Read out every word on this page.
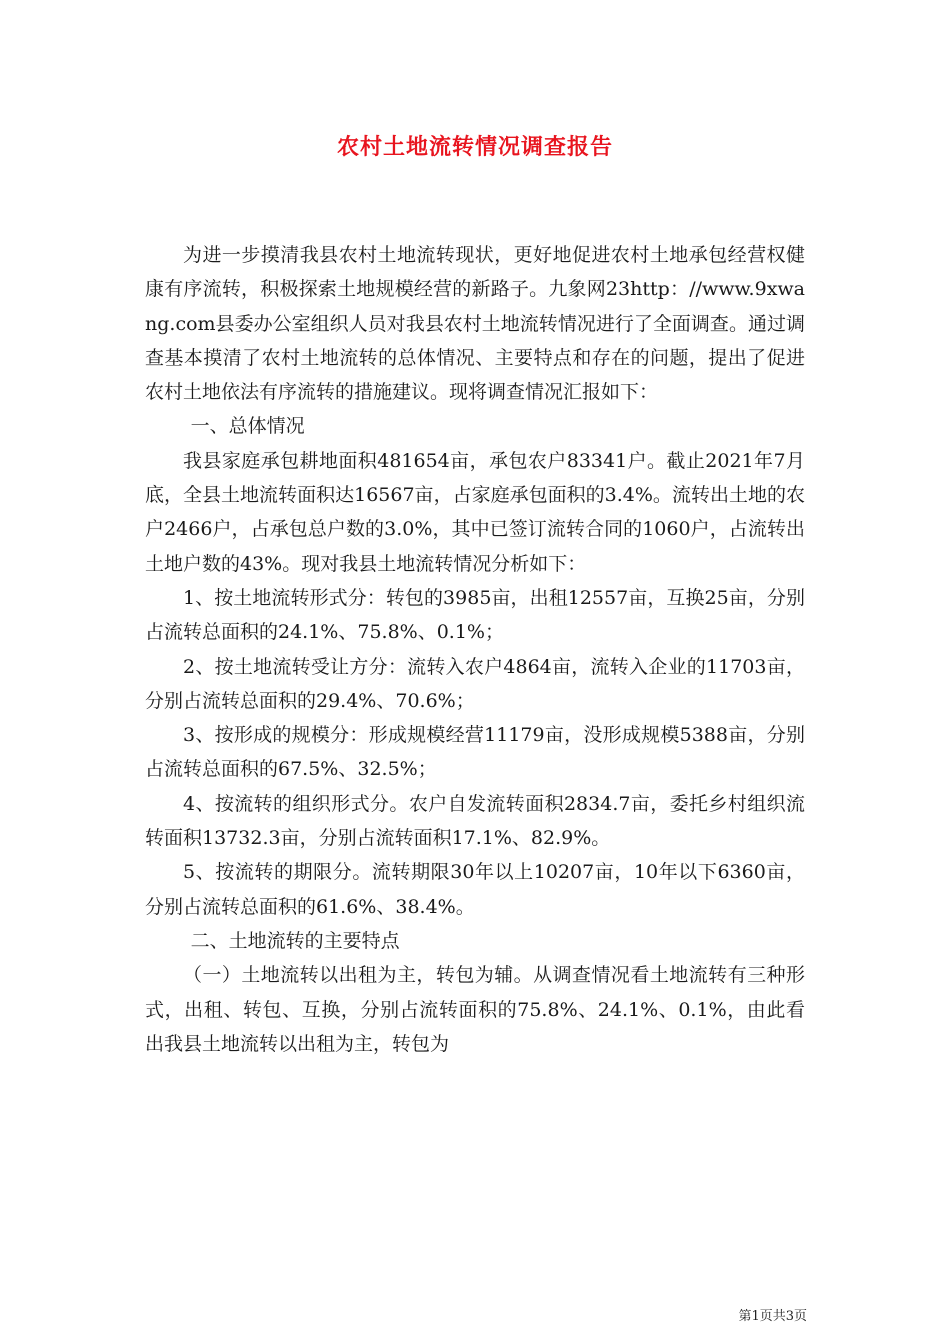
农村土地流转情况调查报告

为进一步摸清我县农村土地流转现状，更好地促进农村土地承包经营权健康有序流转，积极探索土地规模经营的新路子。九象网23http：//www.9xwang.com县委办公室组织人员对我县农村土地流转情况进行了全面调查。通过调查基本摸清了农村土地流转的总体情况、主要特点和存在的问题，提出了促进农村土地依法有序流转的措施建议。现将调查情况汇报如下：

一、总体情况

我县家庭承包耕地面积481654亩，承包农户83341户。截止2021年7月底，全县土地流转面积达16567亩，占家庭承包面积的3.4%。流转出土地的农户2466户，占承包总户数的3.0%，其中已签订流转合同的1060户，占流转出土地户数的43%。现对我县土地流转情况分析如下：

1、按土地流转形式分：转包的3985亩，出租12557亩，互换25亩，分别占流转总面积的24.1%、75.8%、0.1%；

2、按土地流转受让方分：流转入农户4864亩，流转入企业的11703亩，分别占流转总面积的29.4%、70.6%；

3、按形成的规模分：形成规模经营11179亩，没形成规模5388亩，分别占流转总面积的67.5%、32.5%；

4、按流转的组织形式分。农户自发流转面积2834.7亩，委托乡村组织流转面积13732.3亩，分别占流转面积17.1%、82.9%。

5、按流转的期限分。流转期限30年以上10207亩，10年以下6360亩，分别占流转总面积的61.6%、38.4%。

二、土地流转的主要特点

（一）土地流转以出租为主，转包为辅。从调查情况看土地流转有三种形式，出租、转包、互换，分别占流转面积的75.8%、24.1%、0.1%，由此看出我县土地流转以出租为主，转包为

第1页共3页
